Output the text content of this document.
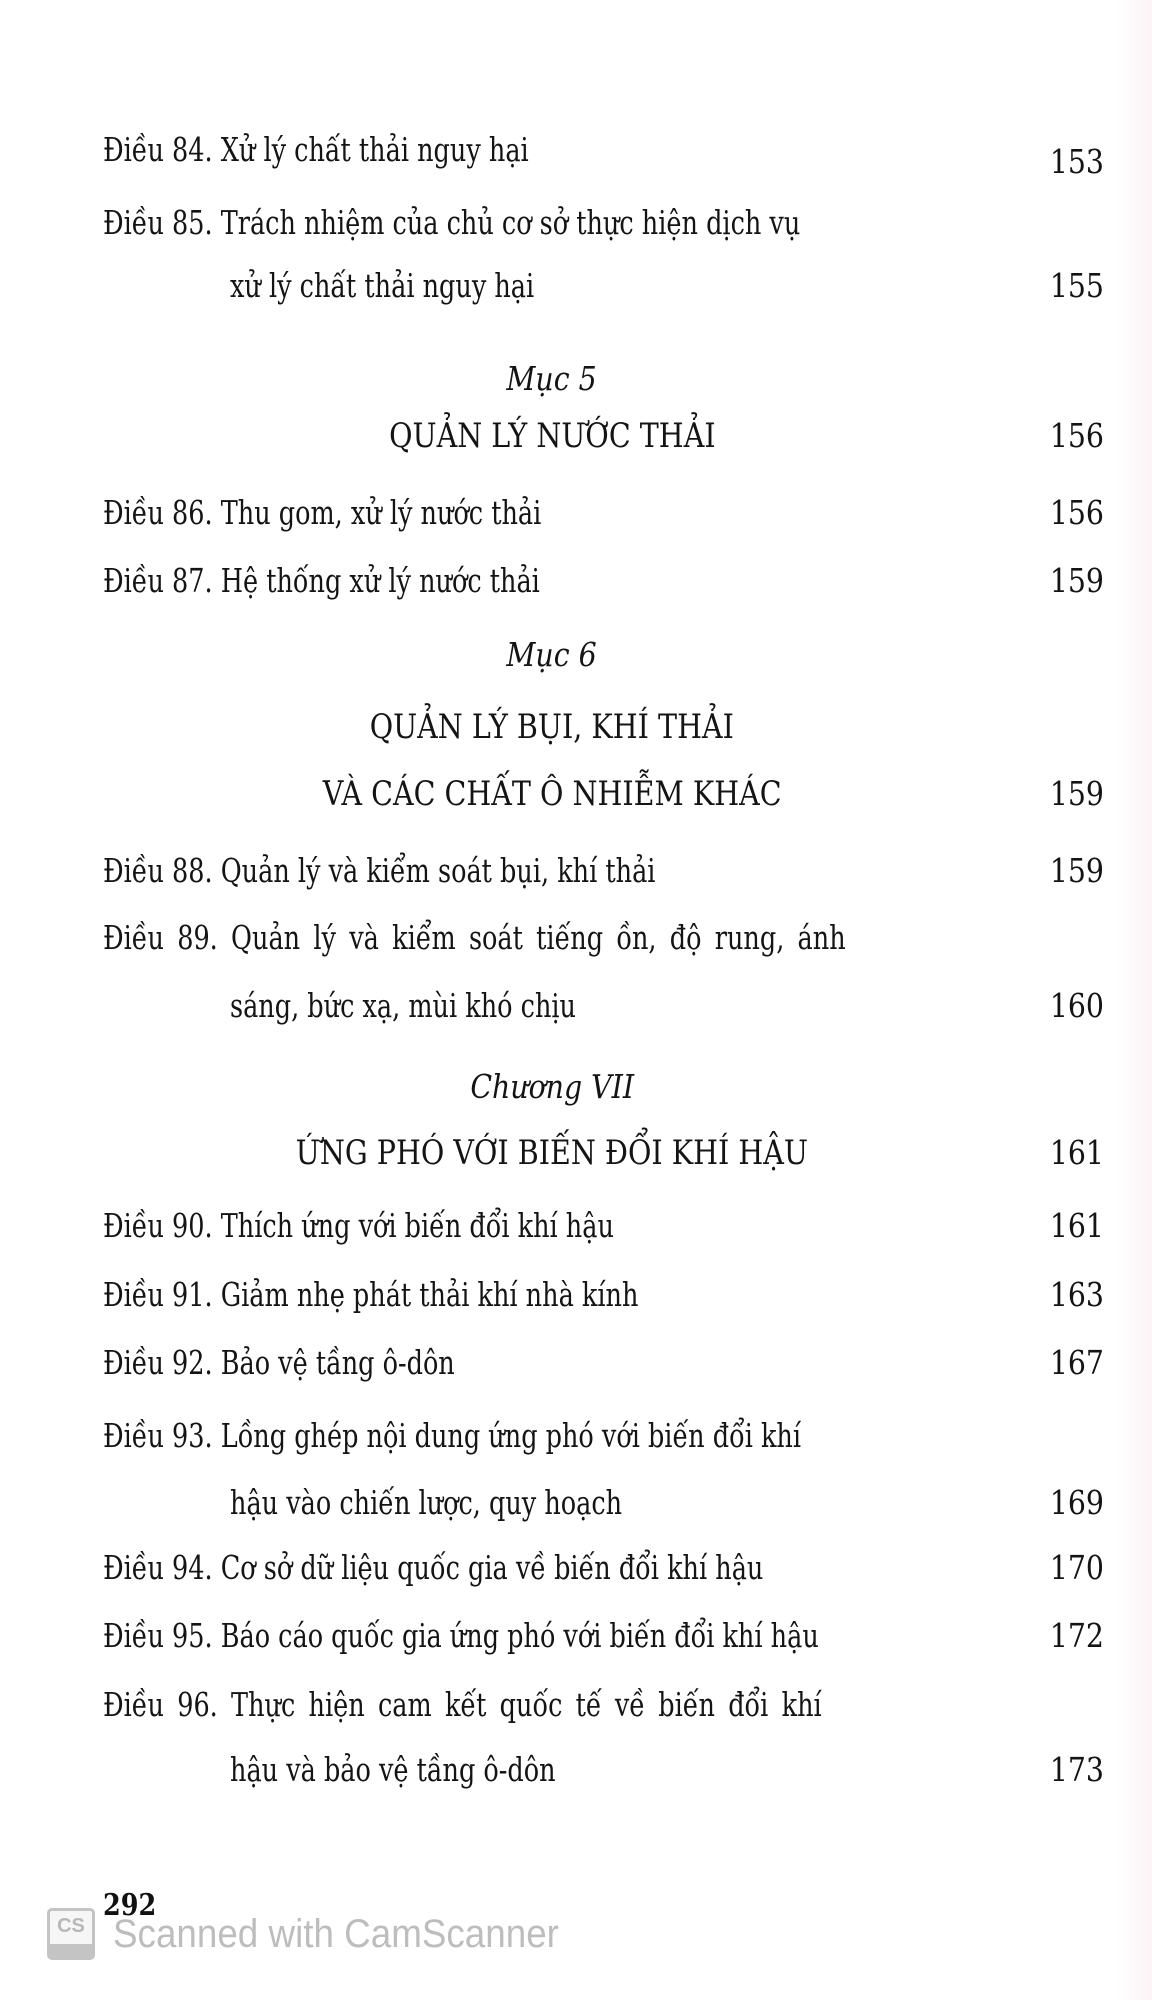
Điều 84. Xử lý chất thải nguy hại	153
Điều 85. Trách nhiệm của chủ cơ sở thực hiện dịch vụ
xử lý chất thải nguy hại	155
Mục 5
QUẢN LÝ NƯỚC THẢI	156
Điều 86. Thu gom, xử lý nước thải	156
Điều 87. Hệ thống xử lý nước thải	159
Mục 6
QUẢN LÝ BỤI, KHÍ THẢI
VÀ CÁC CHẤT Ô NHIỄM KHÁC	159
Điều 88. Quản lý và kiểm soát bụi, khí thải	159
Điều 89. Quản lý và kiểm soát tiếng ồn, độ rung, ánh
sáng, bức xạ, mùi khó chịu	160
Chương VII
ỨNG PHÓ VỚI BIẾN ĐỔI KHÍ HẬU	161
Điều 90. Thích ứng với biến đổi khí hậu	161
Điều 91. Giảm nhẹ phát thải khí nhà kính	163
Điều 92. Bảo vệ tầng ô-dôn	167
Điều 93. Lồng ghép nội dung ứng phó với biến đổi khí
hậu vào chiến lược, quy hoạch	169
Điều 94. Cơ sở dữ liệu quốc gia về biến đổi khí hậu	170
Điều 95. Báo cáo quốc gia ứng phó với biến đổi khí hậu	172
Điều 96. Thực hiện cam kết quốc tế về biến đổi khí
hậu và bảo vệ tầng ô-dôn	173
292
CS Scanned with CamScanner
